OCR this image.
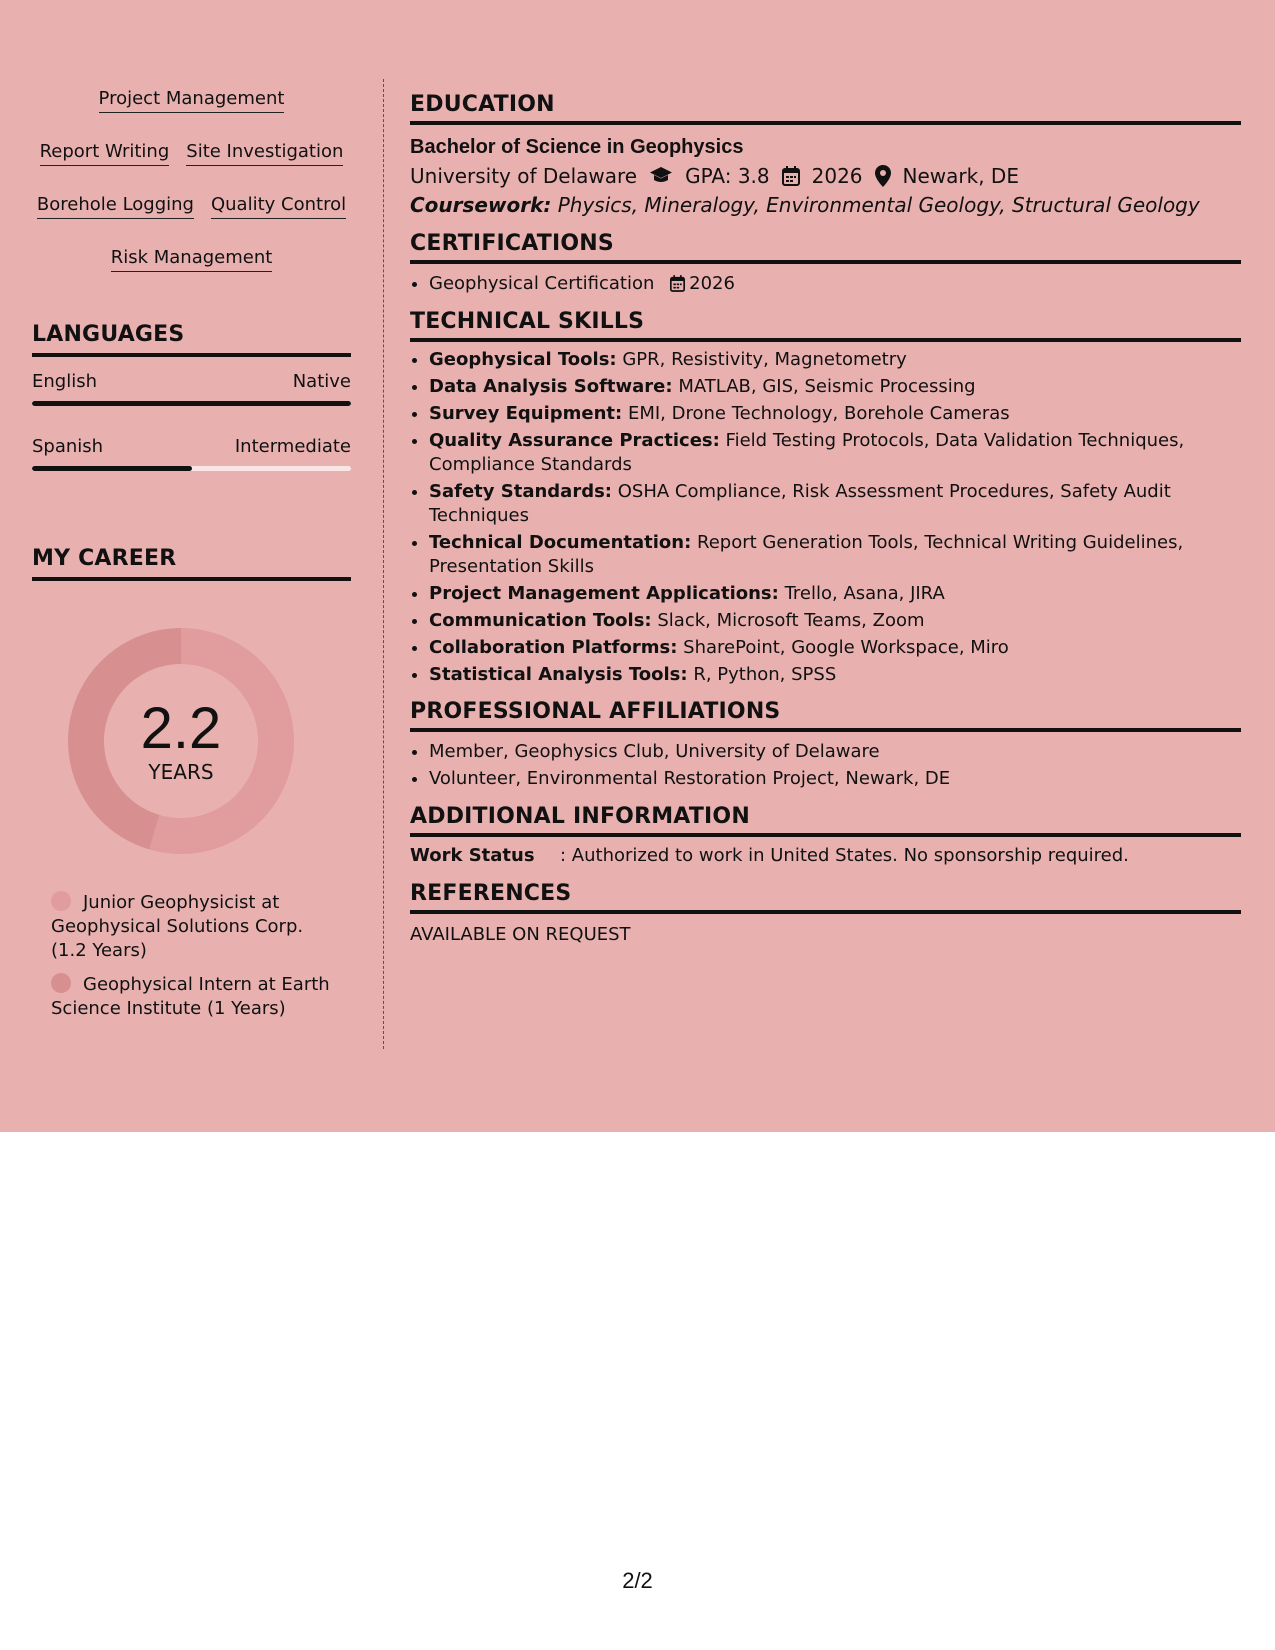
Project Management
Report Writing Site Investigation
Borehole Logging Quality Control
Risk Management
LANGUAGES
English	Native
Spanish	Intermediate
MY CAREER
2.2
YEARS
Junior Geophysicist at Geophysical Solutions Corp. (1.2 Years)
Geophysical Intern at Earth Science Institute (1 Years)
EDUCATION
Bachelor of Science in Geophysics
University of Delaware GPA: 3.8 2026 Newark, DE
Coursework: Physics, Mineralogy, Environmental Geology, Structural Geology
CERTIFICATIONS
• Geophysical Certification 2026
TECHNICAL SKILLS
• Geophysical Tools: GPR, Resistivity, Magnetometry
• Data Analysis Software: MATLAB, GIS, Seismic Processing
• Survey Equipment: EMI, Drone Technology, Borehole Cameras
• Quality Assurance Practices: Field Testing Protocols, Data Validation Techniques, Compliance Standards
• Safety Standards: OSHA Compliance, Risk Assessment Procedures, Safety Audit Techniques
• Technical Documentation: Report Generation Tools, Technical Writing Guidelines, Presentation Skills
• Project Management Applications: Trello, Asana, JIRA
• Communication Tools: Slack, Microsoft Teams, Zoom
• Collaboration Platforms: SharePoint, Google Workspace, Miro
• Statistical Analysis Tools: R, Python, SPSS
PROFESSIONAL AFFILIATIONS
• Member, Geophysics Club, University of Delaware
• Volunteer, Environmental Restoration Project, Newark, DE
ADDITIONAL INFORMATION
Work Status	: Authorized to work in United States. No sponsorship required.
REFERENCES
AVAILABLE ON REQUEST
2/2
